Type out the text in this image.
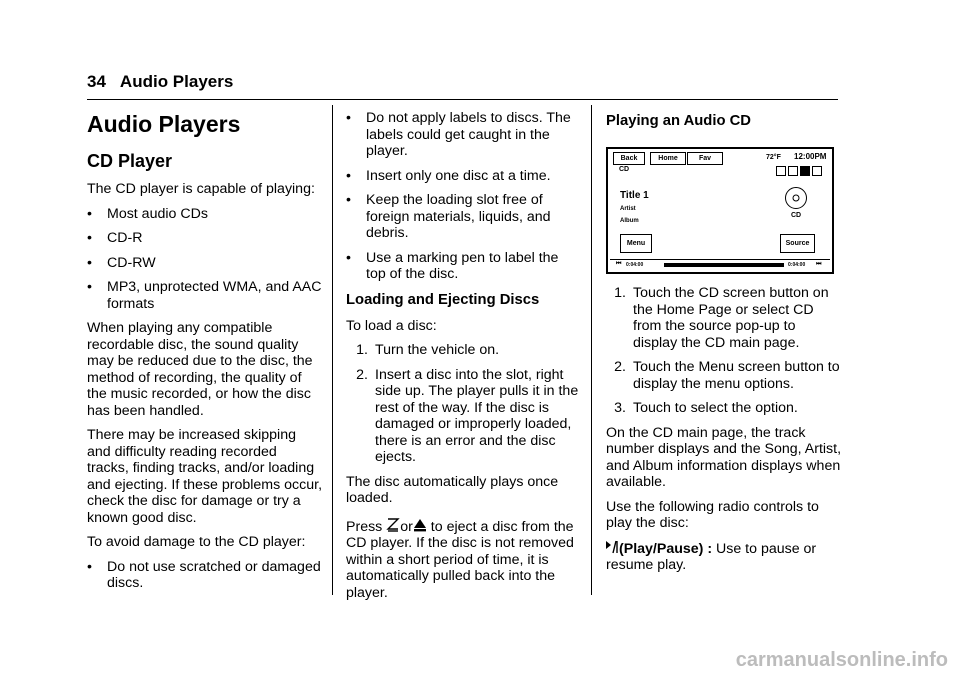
34 Audio Players
Audio Players
CD Player

The CD player is capable of playing:

•	Most audio CDs
•	CD-R
•	CD-RW
•	MP3, unprotected WMA, and AAC formats

When playing any compatible recordable disc, the sound quality may be reduced due to the disc, the method of recording, the quality of the music recorded, or how the disc has been handled.

There may be increased skipping and difficulty reading recorded tracks, finding tracks, and/or loading and ejecting. If these problems occur, check the disc for damage or try a known good disc.

To avoid damage to the CD player:

•	Do not use scratched or damaged discs.
•	Do not apply labels to discs. The labels could get caught in the player.
•	Insert only one disc at a time.
•	Keep the loading slot free of foreign materials, liquids, and debris.
•	Use a marking pen to label the top of the disc.
Loading and Ejecting Discs

To load a disc:

1. Turn the vehicle on.
2. Insert a disc into the slot, right side up. The player pulls it in the rest of the way. If the disc is damaged or improperly loaded, there is an error and the disc ejects.

The disc automatically plays once loaded.

Press or to eject a disc from the CD player. If the disc is not removed within a short period of time, it is automatically pulled back into the player.

Playing an Audio CD
Back	Home	Fav	72°F 12:00PM
CD
Title 1
Artist
Album
CD
Menu	Source
⏮ 0:04:00	0:04:00 ⏭
1. Touch the CD screen button on the Home Page or select CD from the source pop-up to display the CD main page.
2. Touch the Menu screen button to display the menu options.
3. Touch to select the option.

On the CD main page, the track number displays and the Song, Artist, and Album information displays when available.

Use the following radio controls to play the disc:

(Play/Pause) : Use to pause or resume play.

carmanualsonline.info
